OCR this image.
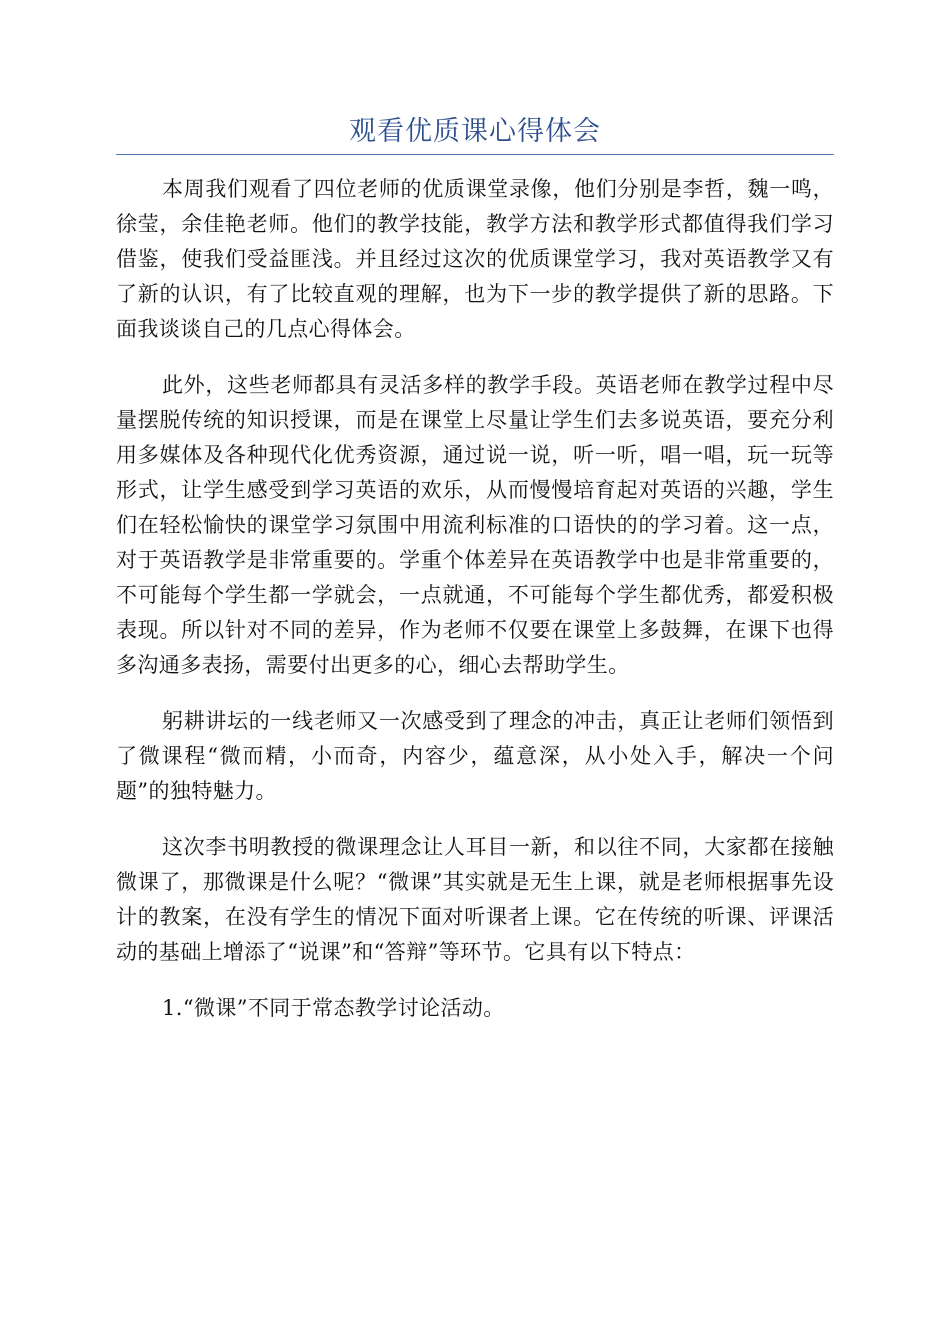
观看优质课心得体会

本周我们观看了四位老师的优质课堂录像，他们分别是李哲，魏一鸣，徐莹，余佳艳老师。他们的教学技能，教学方法和教学形式都值得我们学习借鉴，使我们受益匪浅。并且经过这次的优质课堂学习，我对英语教学又有了新的认识，有了比较直观的理解，也为下一步的教学提供了新的思路。下面我谈谈自己的几点心得体会。

此外，这些老师都具有灵活多样的教学手段。英语老师在教学过程中尽量摆脱传统的知识授课，而是在课堂上尽量让学生们去多说英语，要充分利用多媒体及各种现代化优秀资源，通过说一说，听一听，唱一唱，玩一玩等形式，让学生感受到学习英语的欢乐，从而慢慢培育起对英语的兴趣，学生们在轻松愉快的课堂学习氛围中用流利标准的口语快的的学习着。这一点，对于英语教学是非常重要的。学重个体差异在英语教学中也是非常重要的，不可能每个学生都一学就会，一点就通，不可能每个学生都优秀，都爱积极表现。所以针对不同的差异，作为老师不仅要在课堂上多鼓舞，在课下也得多沟通多表扬，需要付出更多的心，细心去帮助学生。

躬耕讲坛的一线老师又一次感受到了理念的冲击，真正让老师们领悟到了微课程“微而精，小而奇，内容少，蕴意深，从小处入手，解决一个问题”的独特魅力。

这次李书明教授的微课理念让人耳目一新，和以往不同，大家都在接触微课了，那微课是什么呢？“微课”其实就是无生上课，就是老师根据事先设计的教案，在没有学生的情况下面对听课者上课。它在传统的听课、评课活动的基础上增添了“说课”和“答辩”等环节。它具有以下特点：

1.“微课”不同于常态教学讨论活动。
